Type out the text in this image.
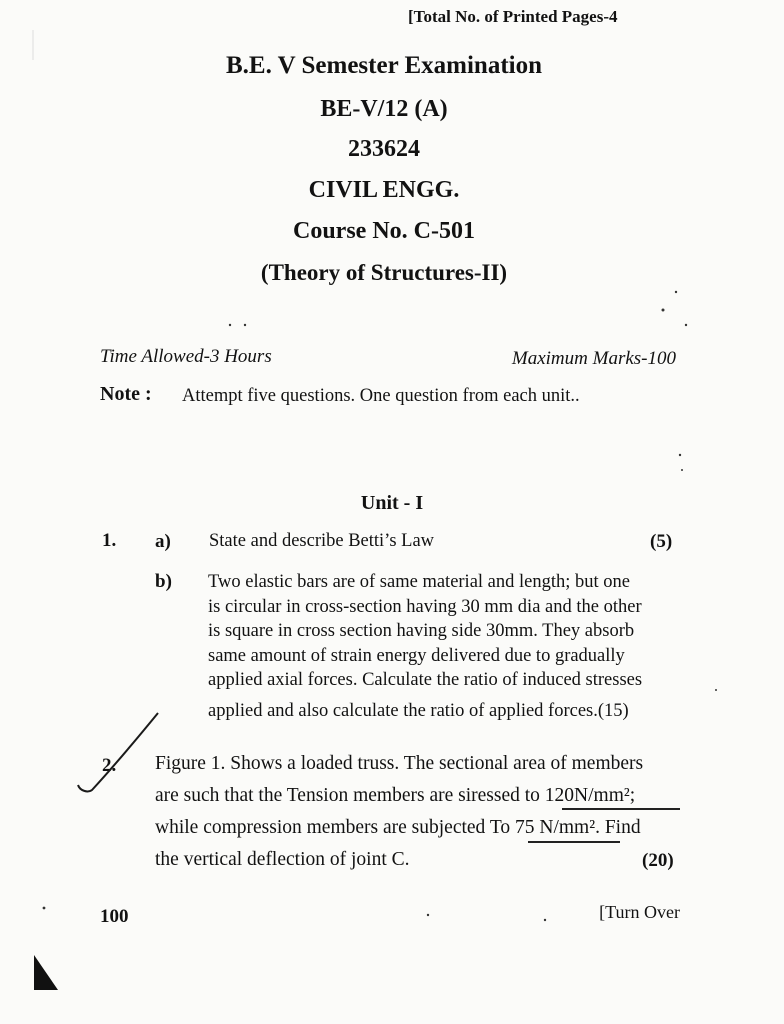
[Total No. of Printed Pages-4
B.E. V Semester Examination
BE-V/12 (A)
233624
CIVIL ENGG.
Course No. C-501
(Theory of Structures-II)
Time Allowed-3 Hours	Maximum Marks-100
Note : Attempt five questions. One question from each unit..
Unit - I
1. a) State and describe Betti’s Law	(5)
b) Two elastic bars are of same material and length; but one
is circular in cross-section having 30 mm dia and the other
is square in cross section having side 30mm. They absorb
same amount of strain energy delivered due to gradually
applied axial forces. Calculate the ratio of induced stresses
applied and also calculate the ratio of applied forces.(15)
2. Figure 1. Shows a loaded truss. The sectional area of members
are such that the Tension members are siressed to 120N/mm²;
while compression members are subjected To 75 N/mm². Find
the vertical deflection of joint C.	(20)
100	[Turn Over
